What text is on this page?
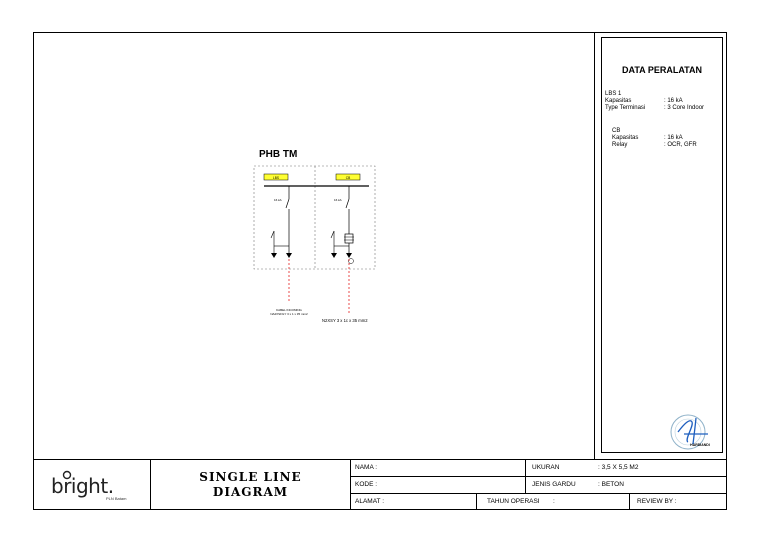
PHB TM
LBS	CB
16 kA
KABEL INCOMING
NA2XSFGY 3 x 1 x 35 mm2
16 kA
N2XSY 3 x 1c x 35 mm2
DATA PERALATAN
LBS 1
Kapasitas	: 16 kA
Type Terminasi	: 3 Core Indoor
CB
Kapasitas	: 16 kA
Relay	: OCR, GFR
HARDIANDI
bright.
PLN Batam
SINGLE LINE
DIAGRAM
NAMA :
KODE :
ALAMAT :
UKURAN	: 3,5 X 5,5 M2
JENIS GARDU	: BETON
TAHUN OPERASI :	REVIEW BY :
